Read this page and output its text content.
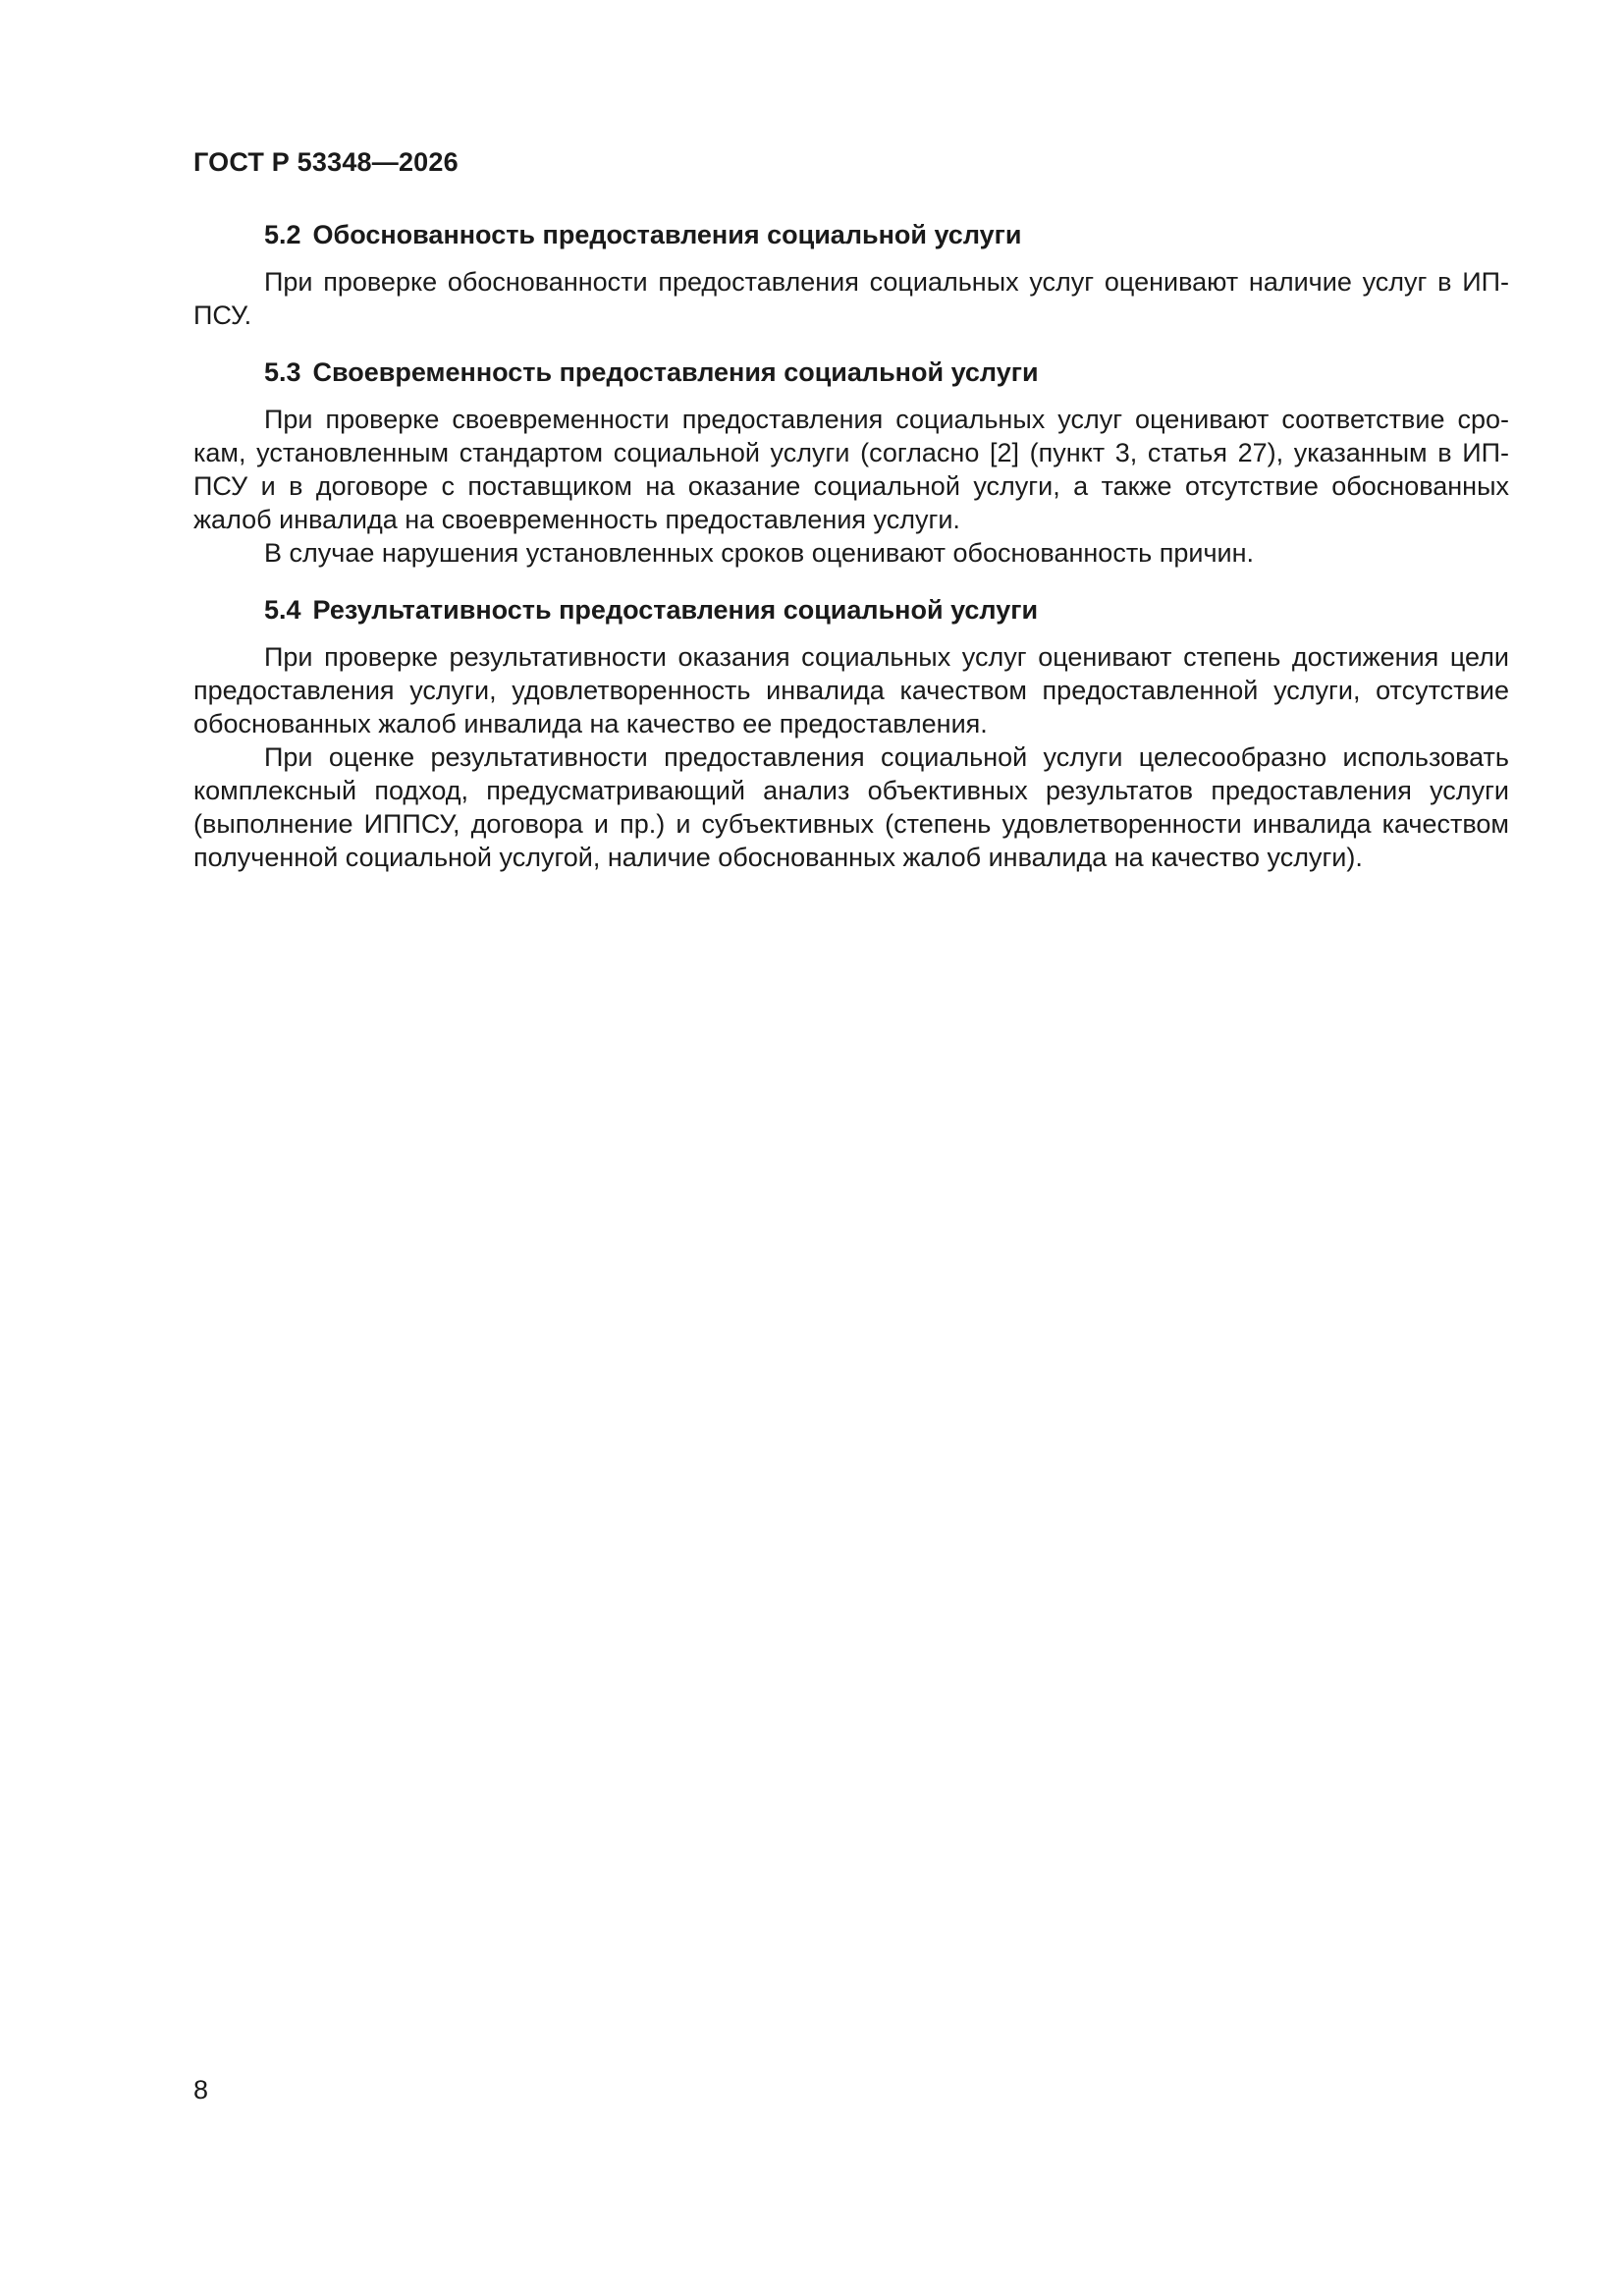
ГОСТ Р 53348—2026

5.2 Обоснованность предоставления социальной услуги

При проверке обоснованности предоставления социальных услуг оценивают наличие услуг в ИП-ПСУ.

5.3 Своевременность предоставления социальной услуги

При проверке своевременности предоставления социальных услуг оценивают соответствие сро-кам, установленным стандартом социальной услуги (согласно [2] (пункт 3, статья 27), указанным в ИП-ПСУ и в договоре с поставщиком на оказание социальной услуги, а также отсутствие обоснованных жалоб инвалида на своевременность предоставления услуги.

В случае нарушения установленных сроков оценивают обоснованность причин.

5.4 Результативность предоставления социальной услуги

При проверке результативности оказания социальных услуг оценивают степень достижения цели предоставления услуги, удовлетворенность инвалида качеством предоставленной услуги, отсутствие обоснованных жалоб инвалида на качество ее предоставления.

При оценке результативности предоставления социальной услуги целесообразно использовать комплексный подход, предусматривающий анализ объективных результатов предоставления услуги (выполнение ИППСУ, договора и пр.) и субъективных (степень удовлетворенности инвалида качеством полученной социальной услугой, наличие обоснованных жалоб инвалида на качество услуги).

8
